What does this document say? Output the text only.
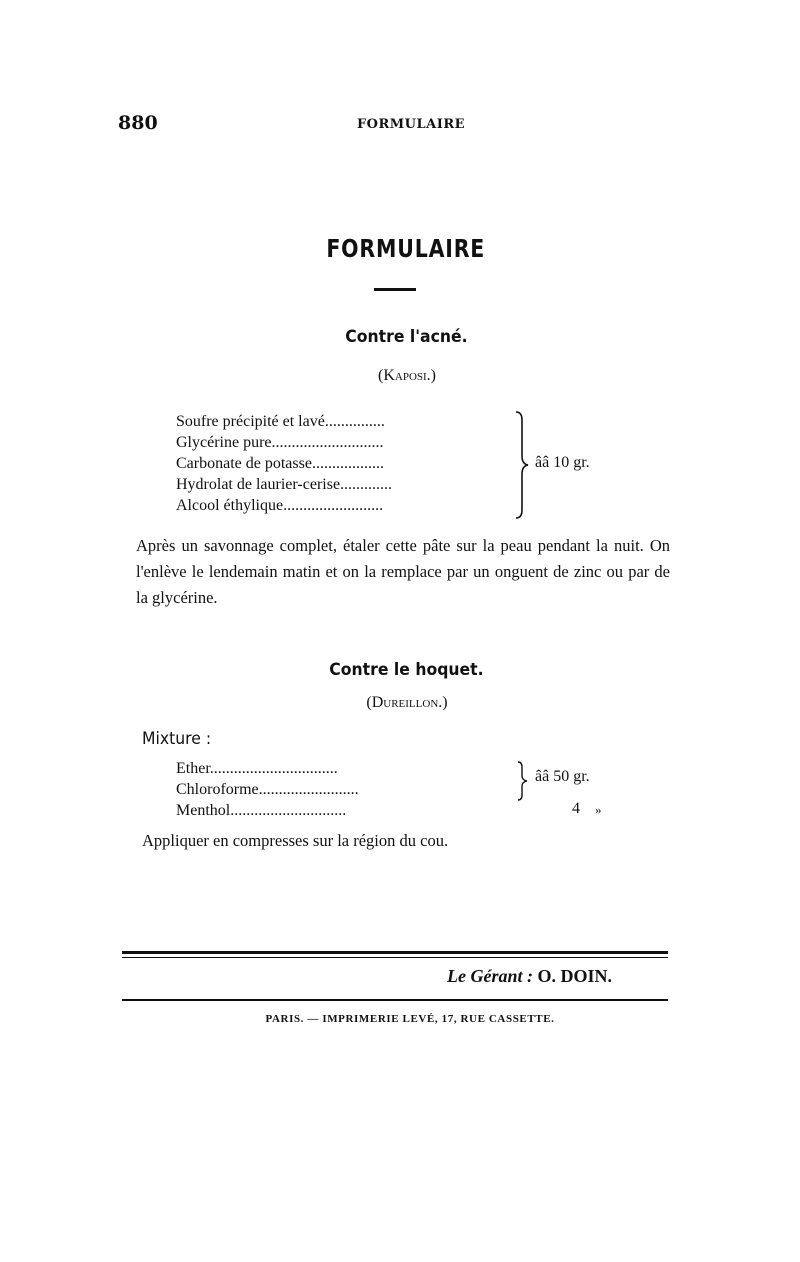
880	FORMULAIRE
FORMULAIRE
Contre l'acné.
(Kaposi.)
Soufre précipité et lavé...............
Glycérine pure............................
Carbonate de potasse..................
Hydrolat de laurier-cerise.............
Alcool éthylique.........................
ââ 10 gr.
Après un savonnage complet, étaler cette pâte sur la peau pendant la nuit. On l'enlève le lendemain matin et on la remplace par un onguent de zinc ou par de la glycérine.
Contre le hoquet.
(Dureillon.)
Mixture :
Ether................................
Chloroforme.........................
Menthol.............................
ââ 50 gr.
4 »
Appliquer en compresses sur la région du cou.
Le Gérant : O. DOIN.
PARIS. — IMPRIMERIE LEVÉ, 17, RUE CASSETTE.
